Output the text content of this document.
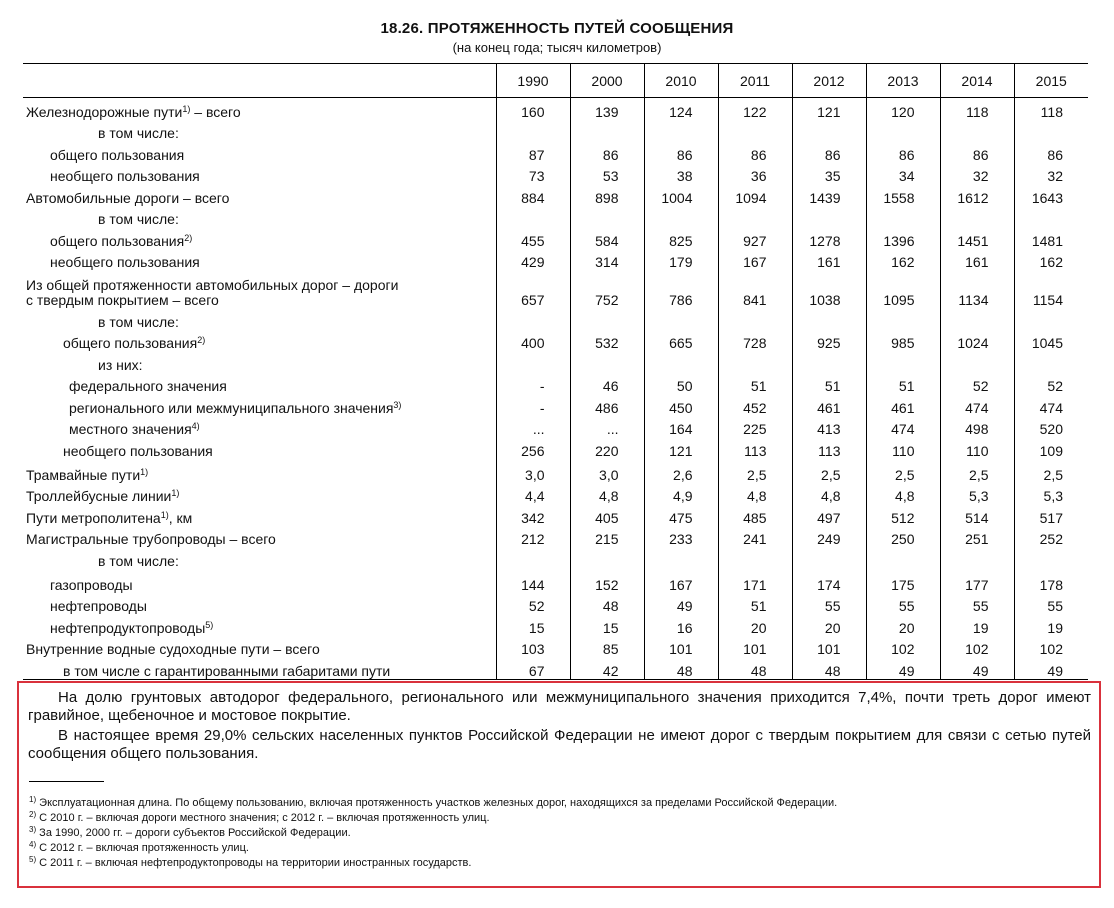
18.26. ПРОТЯЖЕННОСТЬ ПУТЕЙ СООБЩЕНИЯ
(на конец года; тысяч километров)
	1990	2000	2010	2011	2012	2013	2014	2015
Железнодорожные пути$^{1)}$ – всего	160	139	124	122	121	120	118	118
в том числе:								
общего пользования	87	86	86	86	86	86	86	86
необщего пользования	73	53	38	36	35	34	32	32
Автомобильные дороги – всего	884	898	1004	1094	1439	1558	1612	1643
в том числе:								
общего пользования$^{2)}$	455	584	825	927	1278	1396	1451	1481
необщего пользования	429	314	179	167	161	162	161	162
Из общей протяженности автомобильных дорог – дороги
с твердым покрытием – всего	657	752	786	841	1038	1095	1134	1154
в том числе:								
общего пользования$^{2)}$	400	532	665	728	925	985	1024	1045
из них:								
федерального значения	-	46	50	51	51	51	52	52
регионального или межмуниципального значения$^{3)}$	-	486	450	452	461	461	474	474
местного значения$^{4)}$	...	...	164	225	413	474	498	520
необщего пользования	256	220	121	113	113	110	110	109
Трамвайные пути$^{1)}$	3,0	3,0	2,6	2,5	2,5	2,5	2,5	2,5
Троллейбусные линии$^{1)}$	4,4	4,8	4,9	4,8	4,8	4,8	5,3	5,3
Пути метрополитена$^{1)}$, км	342	405	475	485	497	512	514	517
Магистральные трубопроводы – всего	212	215	233	241	249	250	251	252
в том числе:								
газопроводы	144	152	167	171	174	175	177	178
нефтепроводы	52	48	49	51	55	55	55	55
нефтепродуктопроводы$^{5)}$	15	15	16	20	20	20	19	19
Внутренние водные судоходные пути – всего	103	85	101	101	101	102	102	102
в том числе с гарантированными габаритами пути	67	42	48	48	48	49	49	49
На долю грунтовых автодорог федерального, регионального или межмуниципального значения приходится 7,4%, почти треть дорог имеют гравийное, щебеночное и мостовое покрытие.
В настоящее время 29,0% сельских населенных пунктов Российской Федерации не имеют дорог с твердым покрытием для связи с сетью путей сообщения общего пользования.
$^{1)}$ Эксплуатационная длина. По общему пользованию, включая протяженность участков железных дорог, находящихся за пределами Российской Федерации.
$^{2)}$ С 2010 г. – включая дороги местного значения; с 2012 г. – включая протяженность улиц.
$^{3)}$ За 1990, 2000 гг. – дороги субъектов Российской Федерации.
$^{4)}$ С 2012 г. – включая протяженность улиц.
$^{5)}$ С 2011 г. – включая нефтепродуктопроводы на территории иностранных государств.
